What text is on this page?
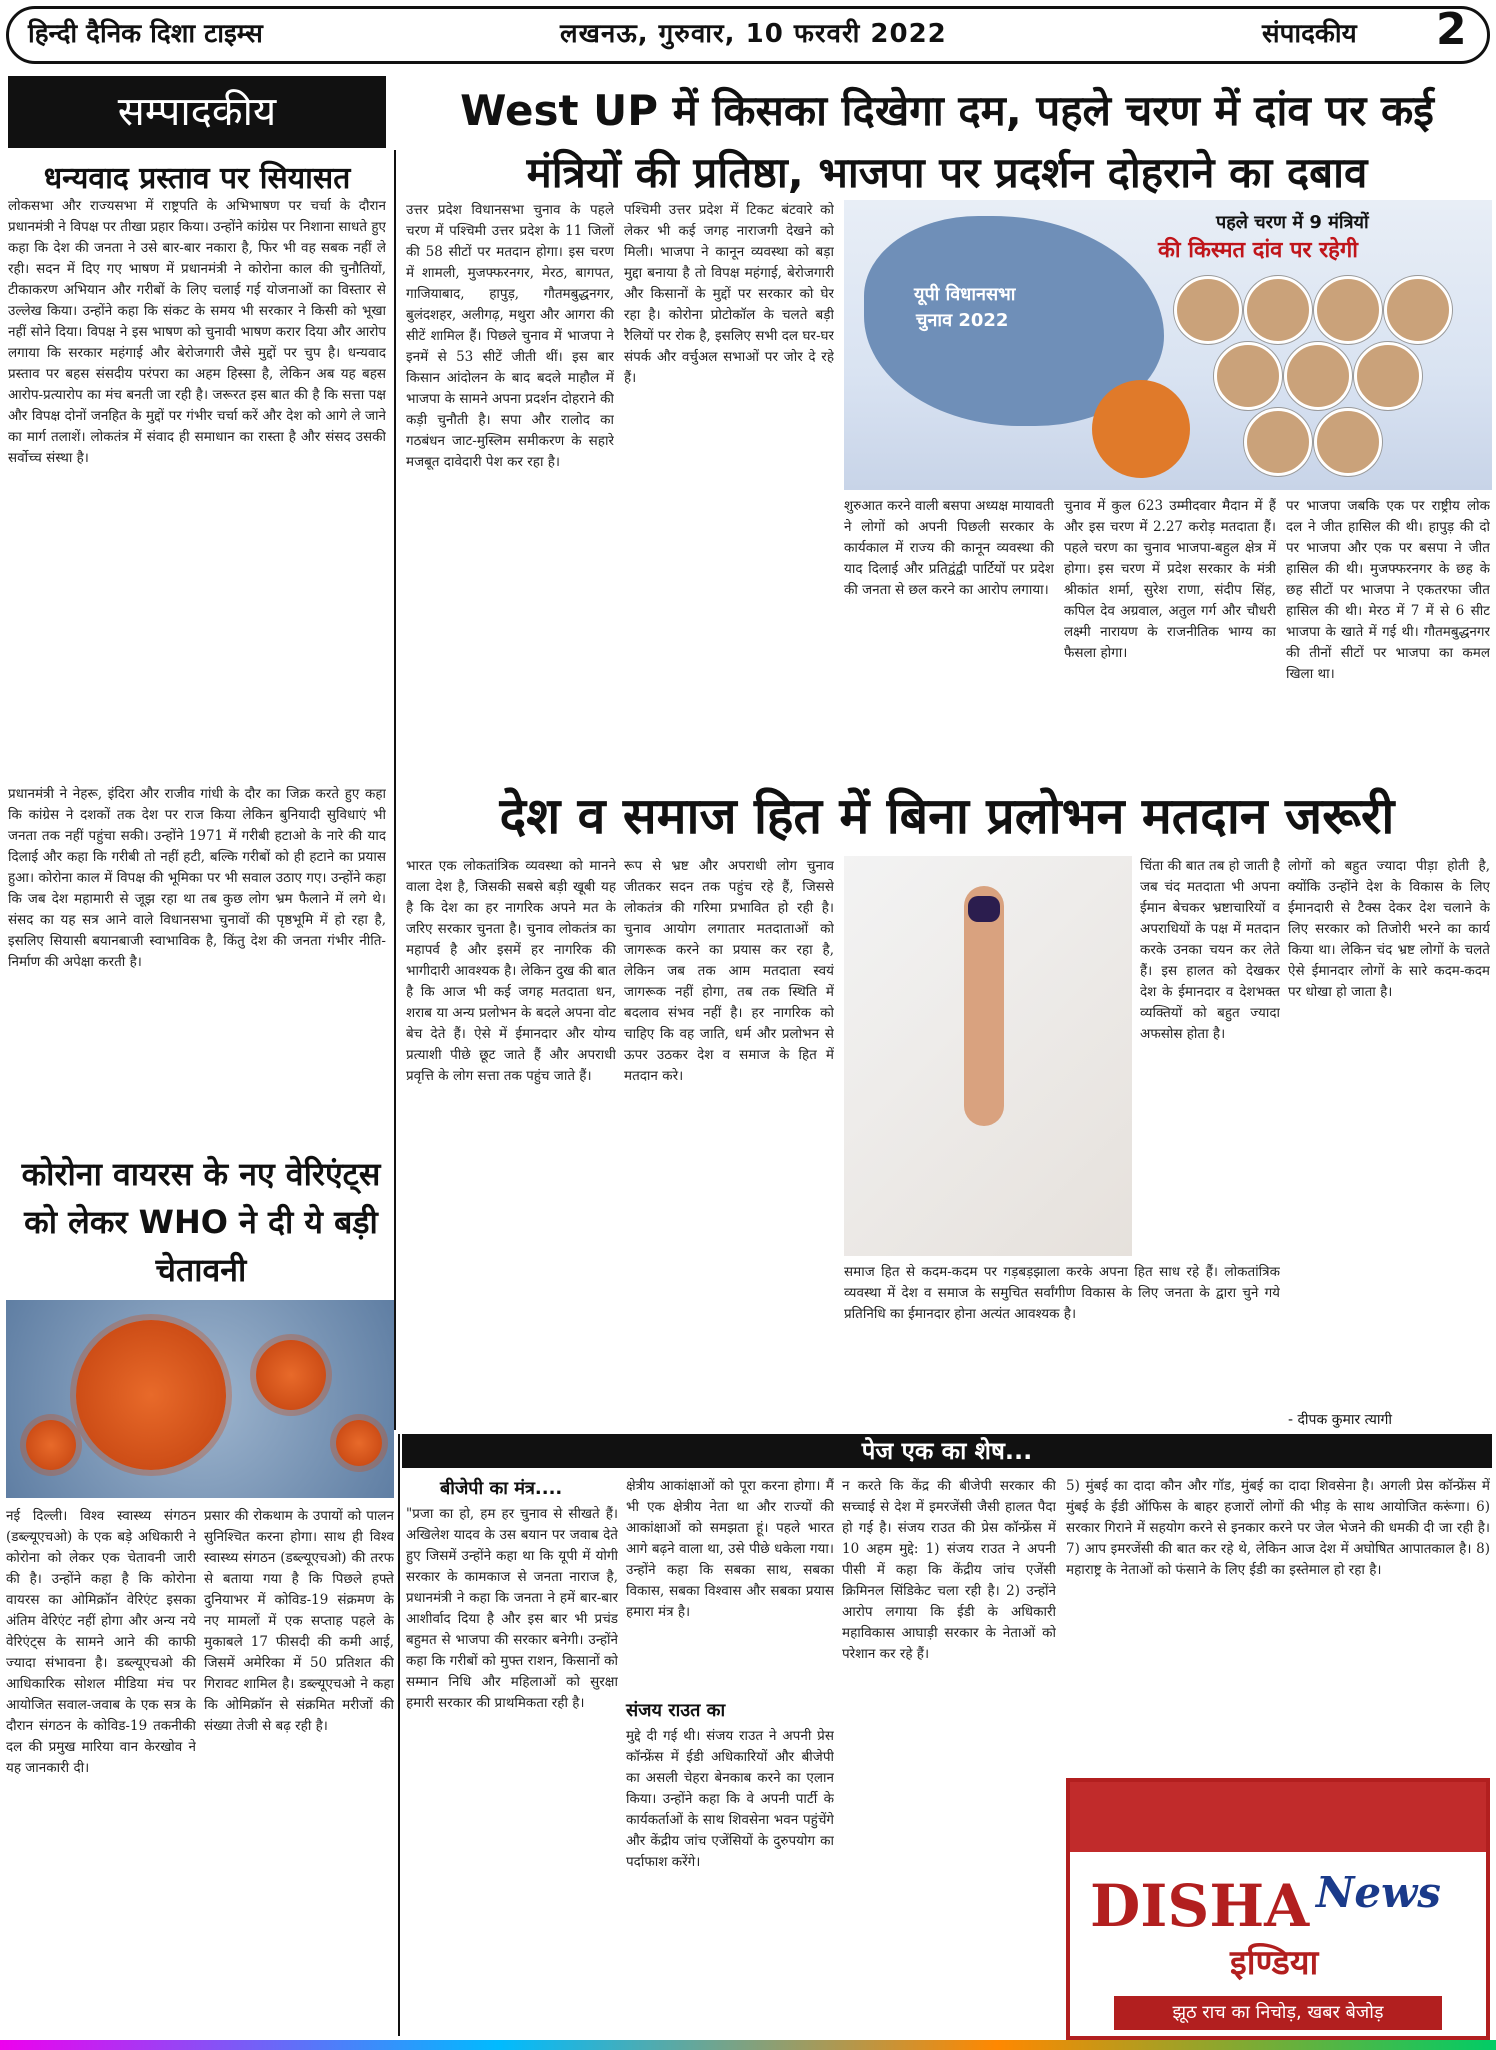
हिन्दी दैनिक दिशा टाइम्स	लखनऊ, गुरुवार, 10 फरवरी 2022	संपादकीय 2
सम्पादकीय
धन्यवाद प्रस्ताव पर सियासत
लोकसभा और राज्यसभा में राष्ट्रपति के अभिभाषण पर चर्चा के दौरान प्रधानमंत्री ने विपक्ष पर तीखा प्रहार किया। उन्होंने कांग्रेस पर निशाना साधते हुए कहा कि देश की जनता ने उसे बार-बार नकारा है, फिर भी वह सबक नहीं ले रही। सदन में दिए गए भाषण में प्रधानमंत्री ने कोरोना काल की चुनौतियों, टीकाकरण अभियान और गरीबों के लिए चलाई गई योजनाओं का विस्तार से उल्लेख किया। उन्होंने कहा कि संकट के समय भी सरकार ने किसी को भूखा नहीं सोने दिया। विपक्ष ने इस भाषण को चुनावी भाषण करार दिया और आरोप लगाया कि सरकार महंगाई और बेरोजगारी जैसे मुद्दों पर चुप है। धन्यवाद प्रस्ताव पर बहस संसदीय परंपरा का अहम हिस्सा है, लेकिन अब यह बहस आरोप-प्रत्यारोप का मंच बनती जा रही है। जरूरत इस बात की है कि सत्ता पक्ष और विपक्ष दोनों जनहित के मुद्दों पर गंभीर चर्चा करें और देश को आगे ले जाने का मार्ग तलाशें। लोकतंत्र में संवाद ही समाधान का रास्ता है और संसद उसकी सर्वोच्च संस्था है।
प्रधानमंत्री ने नेहरू, इंदिरा और राजीव गांधी के दौर का जिक्र करते हुए कहा कि कांग्रेस ने दशकों तक देश पर राज किया लेकिन बुनियादी सुविधाएं भी जनता तक नहीं पहुंचा सकी। उन्होंने 1971 में गरीबी हटाओ के नारे की याद दिलाई और कहा कि गरीबी तो नहीं हटी, बल्कि गरीबों को ही हटाने का प्रयास हुआ। कोरोना काल में विपक्ष की भूमिका पर भी सवाल उठाए गए। उन्होंने कहा कि जब देश महामारी से जूझ रहा था तब कुछ लोग भ्रम फैलाने में लगे थे। संसद का यह सत्र आने वाले विधानसभा चुनावों की पृष्ठभूमि में हो रहा है, इसलिए सियासी बयानबाजी स्वाभाविक है, किंतु देश की जनता गंभीर नीति-निर्माण की अपेक्षा करती है।
West UP में किसका दिखेगा दम, पहले चरण में दांव पर कई मंत्रियों की प्रतिष्ठा, भाजपा पर प्रदर्शन दोहराने का दबाव
उत्तर प्रदेश विधानसभा चुनाव के पहले चरण में पश्चिमी उत्तर प्रदेश के 11 जिलों की 58 सीटों पर मतदान होगा। इस चरण में शामली, मुजफ्फरनगर, मेरठ, बागपत, गाजियाबाद, हापुड़, गौतमबुद्धनगर, बुलंदशहर, अलीगढ़, मथुरा और आगरा की सीटें शामिल हैं। पिछले चुनाव में भाजपा ने इनमें से 53 सीटें जीती थीं। इस बार किसान आंदोलन के बाद बदले माहौल में भाजपा के सामने अपना प्रदर्शन दोहराने की कड़ी चुनौती है। सपा और रालोद का गठबंधन जाट-मुस्लिम समीकरण के सहारे मजबूत दावेदारी पेश कर रहा है।
पश्चिमी उत्तर प्रदेश में टिकट बंटवारे को लेकर भी कई जगह नाराजगी देखने को मिली। भाजपा ने कानून व्यवस्था को बड़ा मुद्दा बनाया है तो विपक्ष महंगाई, बेरोजगारी और किसानों के मुद्दों पर सरकार को घेर रहा है। कोरोना प्रोटोकॉल के चलते बड़ी रैलियों पर रोक है, इसलिए सभी दल घर-घर संपर्क और वर्चुअल सभाओं पर जोर दे रहे हैं।
यूपी विधानसभा
चुनाव 2022
पहले चरण में 9 मंत्रियों
की किस्मत दांव पर रहेगी
शुरुआत करने वाली बसपा अध्यक्ष मायावती ने लोगों को अपनी पिछली सरकार के कार्यकाल में राज्य की कानून व्यवस्था की याद दिलाई और प्रतिद्वंद्वी पार्टियों पर प्रदेश की जनता से छल करने का आरोप लगाया।
चुनाव में कुल 623 उम्मीदवार मैदान में हैं और इस चरण में 2.27 करोड़ मतदाता हैं। पहले चरण का चुनाव भाजपा-बहुल क्षेत्र में होगा। इस चरण में प्रदेश सरकार के मंत्री श्रीकांत शर्मा, सुरेश राणा, संदीप सिंह, कपिल देव अग्रवाल, अतुल गर्ग और चौधरी लक्ष्मी नारायण के राजनीतिक भाग्य का फैसला होगा।
पर भाजपा जबकि एक पर राष्ट्रीय लोक दल ने जीत हासिल की थी। हापुड़ की दो पर भाजपा और एक पर बसपा ने जीत हासिल की थी। मुजफ्फरनगर के छह के छह सीटों पर भाजपा ने एकतरफा जीत हासिल की थी। मेरठ में 7 में से 6 सीट भाजपा के खाते में गई थी। गौतमबुद्धनगर की तीनों सीटों पर भाजपा का कमल खिला था।
देश व समाज हित में बिना प्रलोभन मतदान जरूरी
भारत एक लोकतांत्रिक व्यवस्था को मानने वाला देश है, जिसकी सबसे बड़ी खूबी यह है कि देश का हर नागरिक अपने मत के जरिए सरकार चुनता है। चुनाव लोकतंत्र का महापर्व है और इसमें हर नागरिक की भागीदारी आवश्यक है। लेकिन दुख की बात है कि आज भी कई जगह मतदाता धन, शराब या अन्य प्रलोभन के बदले अपना वोट बेच देते हैं। ऐसे में ईमानदार और योग्य प्रत्याशी पीछे छूट जाते हैं और अपराधी प्रवृत्ति के लोग सत्ता तक पहुंच जाते हैं।
रूप से भ्रष्ट और अपराधी लोग चुनाव जीतकर सदन तक पहुंच रहे हैं, जिससे लोकतंत्र की गरिमा प्रभावित हो रही है। चुनाव आयोग लगातार मतदाताओं को जागरूक करने का प्रयास कर रहा है, लेकिन जब तक आम मतदाता स्वयं जागरूक नहीं होगा, तब तक स्थिति में बदलाव संभव नहीं है। हर नागरिक को चाहिए कि वह जाति, धर्म और प्रलोभन से ऊपर उठकर देश व समाज के हित में मतदान करे।
चिंता की बात तब हो जाती है जब चंद मतदाता भी अपना ईमान बेचकर भ्रष्टाचारियों व अपराधियों के पक्ष में मतदान करके उनका चयन कर लेते हैं। इस हालत को देखकर देश के ईमानदार व देशभक्त व्यक्तियों को बहुत ज्यादा अफसोस होता है।
लोगों को बहुत ज्यादा पीड़ा होती है, क्योंकि उन्होंने देश के विकास के लिए ईमानदारी से टैक्स देकर देश चलाने के लिए सरकार को तिजोरी भरने का कार्य किया था। लेकिन चंद भ्रष्ट लोगों के चलते ऐसे ईमानदार लोगों के सारे कदम-कदम पर धोखा हो जाता है।
समाज हित से कदम-कदम पर गड़बड़झाला करके अपना हित साध रहे हैं। लोकतांत्रिक व्यवस्था में देश व समाज के समुचित सर्वांगीण विकास के लिए जनता के द्वारा चुने गये प्रतिनिधि का ईमानदार होना अत्यंत आवश्यक है।
- दीपक कुमार त्यागी
कोरोना वायरस के नए वेरिएंट्स को लेकर WHO ने दी ये बड़ी चेतावनी
नई दिल्ली। विश्व स्वास्थ्य संगठन (डब्ल्यूएचओ) के एक बड़े अधिकारी ने कोरोना को लेकर एक चेतावनी जारी की है। उन्होंने कहा है कि कोरोना वायरस का ओमिक्रॉन वेरिएंट इसका अंतिम वेरिएंट नहीं होगा और अन्य नये वेरिएंट्स के सामने आने की काफी ज्यादा संभावना है। डब्ल्यूएचओ की आधिकारिक सोशल मीडिया मंच पर आयोजित सवाल-जवाब के एक सत्र के दौरान संगठन के कोविड-19 तकनीकी दल की प्रमुख मारिया वान केरखोव ने यह जानकारी दी।
प्रसार की रोकथाम के उपायों को पालन सुनिश्चित करना होगा। साथ ही विश्व स्वास्थ्य संगठन (डब्ल्यूएचओ) की तरफ से बताया गया है कि पिछले हफ्ते दुनियाभर में कोविड-19 संक्रमण के नए मामलों में एक सप्ताह पहले के मुकाबले 17 फीसदी की कमी आई, जिसमें अमेरिका में 50 प्रतिशत की गिरावट शामिल है। डब्ल्यूएचओ ने कहा कि ओमिक्रॉन से संक्रमित मरीजों की संख्या तेजी से बढ़ रही है।
पेज एक का शेष...
बीजेपी का मंत्र....
"प्रजा का हो, हम हर चुनाव से सीखते हैं। अखिलेश यादव के उस बयान पर जवाब देते हुए जिसमें उन्होंने कहा था कि यूपी में योगी सरकार के कामकाज से जनता नाराज है, प्रधानमंत्री ने कहा कि जनता ने हमें बार-बार आशीर्वाद दिया है और इस बार भी प्रचंड बहुमत से भाजपा की सरकार बनेगी। उन्होंने कहा कि गरीबों को मुफ्त राशन, किसानों को सम्मान निधि और महिलाओं को सुरक्षा हमारी सरकार की प्राथमिकता रही है।
क्षेत्रीय आकांक्षाओं को पूरा करना होगा। मैं भी एक क्षेत्रीय नेता था और राज्यों की आकांक्षाओं को समझता हूं। पहले भारत आगे बढ़ने वाला था, उसे पीछे धकेला गया। उन्होंने कहा कि सबका साथ, सबका विकास, सबका विश्वास और सबका प्रयास हमारा मंत्र है।
संजय राउत का
मुद्दे दी गई थी। संजय राउत ने अपनी प्रेस कॉन्फ्रेंस में ईडी अधिकारियों और बीजेपी का असली चेहरा बेनकाब करने का एलान किया। उन्होंने कहा कि वे अपनी पार्टी के कार्यकर्ताओं के साथ शिवसेना भवन पहुंचेंगे और केंद्रीय जांच एजेंसियों के दुरुपयोग का पर्दाफाश करेंगे।
न करते कि केंद्र की बीजेपी सरकार की सच्चाई से देश में इमरजेंसी जैसी हालत पैदा हो गई है। संजय राउत की प्रेस कॉन्फ्रेंस में 10 अहम मुद्दे: 1) संजय राउत ने अपनी पीसी में कहा कि केंद्रीय जांच एजेंसी क्रिमिनल सिंडिकेट चला रही है। 2) उन्होंने आरोप लगाया कि ईडी के अधिकारी महाविकास आघाड़ी सरकार के नेताओं को परेशान कर रहे हैं।
5) मुंबई का दादा कौन और गॉड, मुंबई का दादा शिवसेना है। अगली प्रेस कॉन्फ्रेंस में मुंबई के ईडी ऑफिस के बाहर हजारों लोगों की भीड़ के साथ आयोजित करूंगा। 6) सरकार गिराने में सहयोग करने से इनकार करने पर जेल भेजने की धमकी दी जा रही है। 7) आप इमरजेंसी की बात कर रहे थे, लेकिन आज देश में अघोषित आपातकाल है। 8) महाराष्ट्र के नेताओं को फंसाने के लिए ईडी का इस्तेमाल हो रहा है।
DISHA News
इण्डिया
झूठ राच का निचोड़, खबर बेजोड़
